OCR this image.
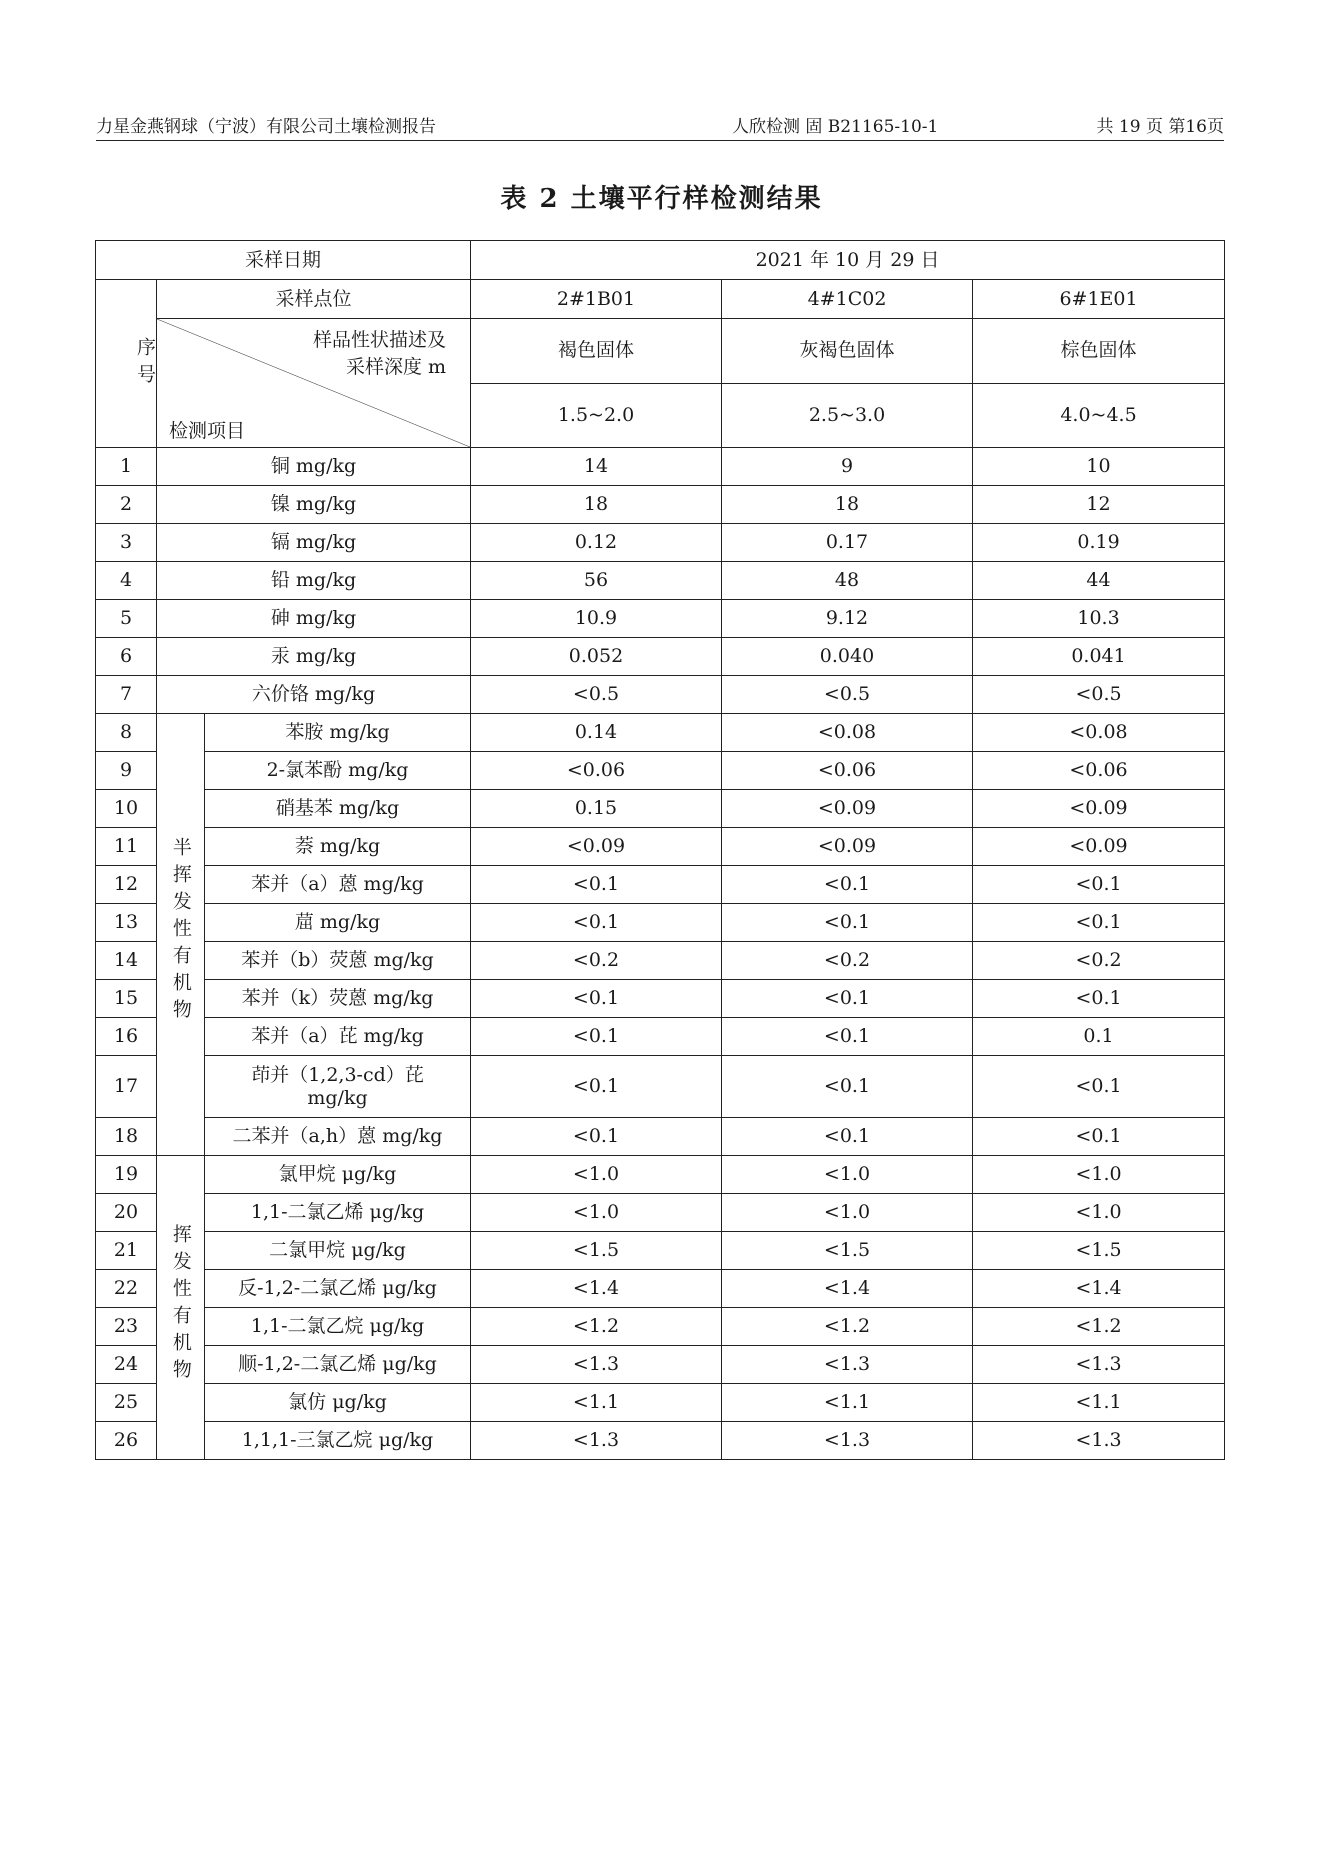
力星金燕钢球（宁波）有限公司土壤检测报告	人欣检测 固 B21165-10-1	共 19 页 第16页
表 2 土壤平行样检测结果
采样日期			2021 年 10 月 29 日		

序号	采样点位		2#1B01	4#1C02	6#1E01

	样品性状描述及
采样深度 m
检测项目		褐色固体	灰褐色固体	棕色固体
			1.5~2.0	2.5~3.0	4.0~4.5

1	铜 mg/kg		14	9	10
2	镍 mg/kg		18	18	12
3	镉 mg/kg		0.12	0.17	0.19
4	铅 mg/kg		56	48	44
5	砷 mg/kg		10.9	9.12	10.3
6	汞 mg/kg		0.052	0.040	0.041
7	六价铬 mg/kg		<0.5	<0.5	<0.5
8	半挥发性有机物	苯胺 mg/kg	0.14	<0.08	<0.08
9		2-氯苯酚 mg/kg	<0.06	<0.06	<0.06
10		硝基苯 mg/kg	0.15	<0.09	<0.09
11		萘 mg/kg	<0.09	<0.09	<0.09
12		苯并（a）蒽 mg/kg	<0.1	<0.1	<0.1
13		䓛 mg/kg	<0.1	<0.1	<0.1
14		苯并（b）荧蒽 mg/kg	<0.2	<0.2	<0.2
15		苯并（k）荧蒽 mg/kg	<0.1	<0.1	<0.1
16		苯并（a）芘 mg/kg	<0.1	<0.1	0.1
17		茚并（1,2,3-cd）芘 mg/kg	<0.1	<0.1	<0.1
18		二苯并（a,h）蒽 mg/kg	<0.1	<0.1	<0.1
19	挥发性有机物	氯甲烷 μg/kg	<1.0	<1.0	<1.0
20		1,1-二氯乙烯 μg/kg	<1.0	<1.0	<1.0
21		二氯甲烷 μg/kg	<1.5	<1.5	<1.5
22		反-1,2-二氯乙烯 μg/kg	<1.4	<1.4	<1.4
23		1,1-二氯乙烷 μg/kg	<1.2	<1.2	<1.2
24		顺-1,2-二氯乙烯 μg/kg	<1.3	<1.3	<1.3
25		氯仿 μg/kg	<1.1	<1.1	<1.1
26		1,1,1-三氯乙烷 μg/kg	<1.3	<1.3	<1.3
